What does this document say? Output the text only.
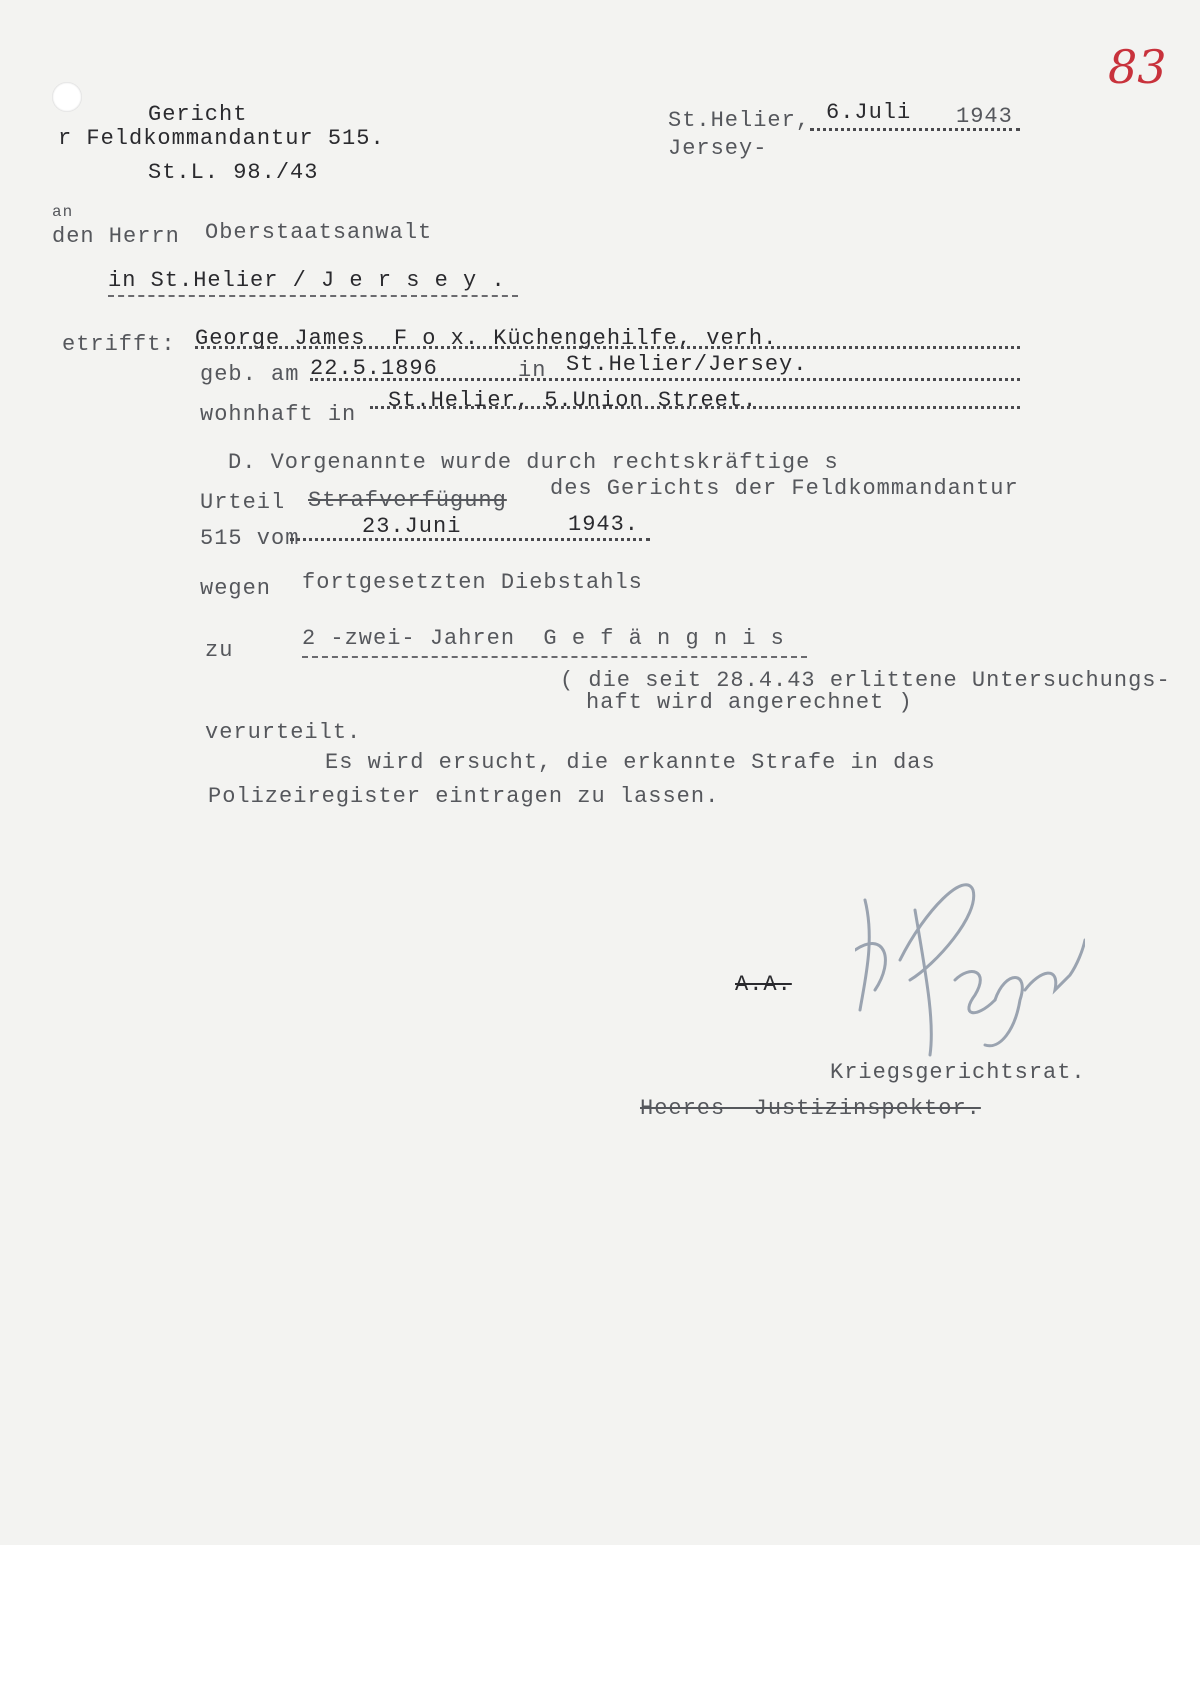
83
Gericht
r Feldkommandantur 515.
St.L. 98./43
St.Helier, 6.Juli 1943
Jersey-
an
den Herrn Oberstaatsanwalt
in St.Helier / J e r s e y .
etrifft: George James  F o x. Küchengehilfe, verh.
geb. am 22.5.1896	in St.Helier/Jersey.
wohnhaft in
St.Helier, 5.Union Street.
D. Vorgenannte wurde durch rechtskräftige s
Urteil Strafverfügung des Gerichts der Feldkommandantur
515 vom	23.Juni	1943.
wegen fortgesetzten Diebstahls
zu	2 -zwei- Jahren  G e f ä n g n i s
( die seit 28.4.43 erlittene Untersuchungs-
haft wird angerechnet )
verurteilt.
Es wird ersucht, die erkannte Strafe in das
Polizeiregister eintragen zu lassen.
A.A.
Kriegsgerichtsrat.
Heeres- Justizinspektor.
